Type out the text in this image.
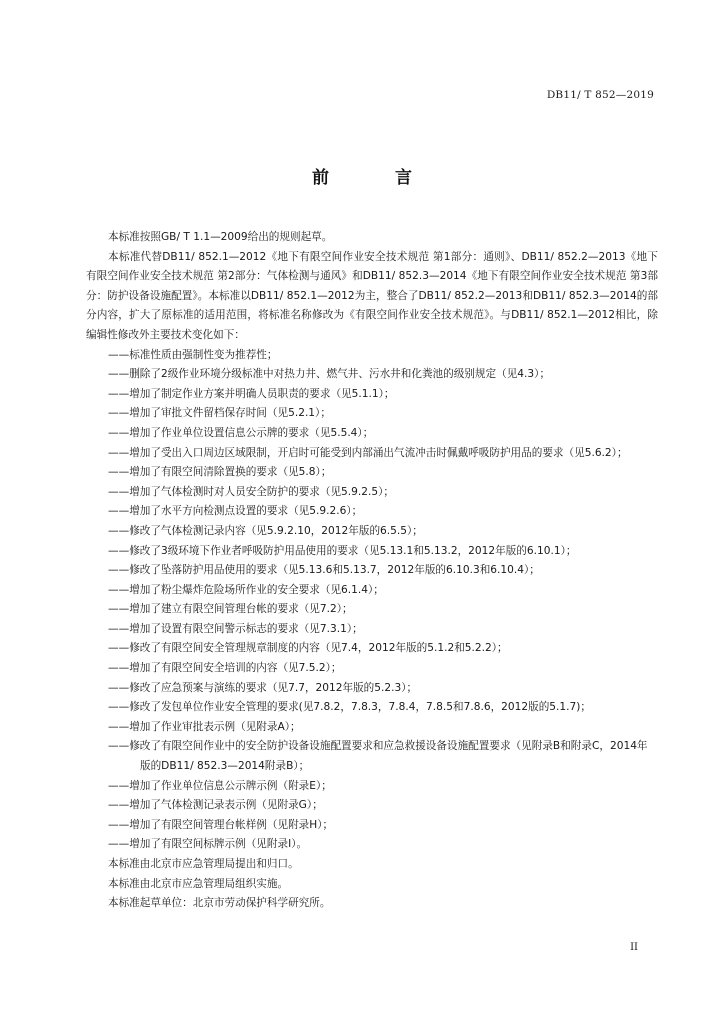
DB11/ T 852—2019
前 言

本标准按照GB/ T 1.1—2009给出的规则起草。

本标准代替DB11/ 852.1—2012《地下有限空间作业安全技术规范 第1部分：通则》、DB11/ 852.2—2013《地下有限空间作业安全技术规范 第2部分：气体检测与通风》和DB11/ 852.3—2014《地下有限空间作业安全技术规范 第3部分：防护设备设施配置》。本标准以DB11/ 852.1—2012为主，整合了DB11/ 852.2—2013和DB11/ 852.3—2014的部分内容，扩大了原标准的适用范围，将标准名称修改为《有限空间作业安全技术规范》。与DB11/ 852.1—2012相比，除编辑性修改外主要技术变化如下：

——标准性质由强制性变为推荐性；

——删除了2级作业环境分级标准中对热力井、燃气井、污水井和化粪池的级别规定（见4.3）；

——增加了制定作业方案并明确人员职责的要求（见5.1.1）；

——增加了审批文件留档保存时间（见5.2.1）；

——增加了作业单位设置信息公示牌的要求（见5.5.4）；

——增加了受出入口周边区域限制，开启时可能受到内部涌出气流冲击时佩戴呼吸防护用品的要求（见5.6.2）；

——增加了有限空间清除置换的要求（见5.8）；

——增加了气体检测时对人员安全防护的要求（见5.9.2.5）；

——增加了水平方向检测点设置的要求（见5.9.2.6）；

——修改了气体检测记录内容（见5.9.2.10，2012年版的6.5.5）；

——修改了3级环境下作业者呼吸防护用品使用的要求（见5.13.1和5.13.2，2012年版的6.10.1）；

——修改了坠落防护用品使用的要求（见5.13.6和5.13.7，2012年版的6.10.3和6.10.4）；

——增加了粉尘爆炸危险场所作业的安全要求（见6.1.4）；

——增加了建立有限空间管理台帐的要求（见7.2）；

——增加了设置有限空间警示标志的要求（见7.3.1）；

——修改了有限空间安全管理规章制度的内容（见7.4，2012年版的5.1.2和5.2.2）；

——增加了有限空间安全培训的内容（见7.5.2）；

——修改了应急预案与演练的要求（见7.7，2012年版的5.2.3）；

——修改了发包单位作业安全管理的要求(见7.8.2，7.8.3，7.8.4，7.8.5和7.8.6，2012版的5.1.7)；

——增加了作业审批表示例（见附录A）；

——修改了有限空间作业中的安全防护设备设施配置要求和应急救援设备设施配置要求（见附录B和附录C，2014年版的DB11/ 852.3—2014附录B）；

——增加了作业单位信息公示牌示例（附录E）；

——增加了气体检测记录表示例（见附录G）；

——增加了有限空间管理台帐样例（见附录H）；

——增加了有限空间标牌示例（见附录I）。

本标准由北京市应急管理局提出和归口。

本标准由北京市应急管理局组织实施。

本标准起草单位：北京市劳动保护科学研究所。

II
